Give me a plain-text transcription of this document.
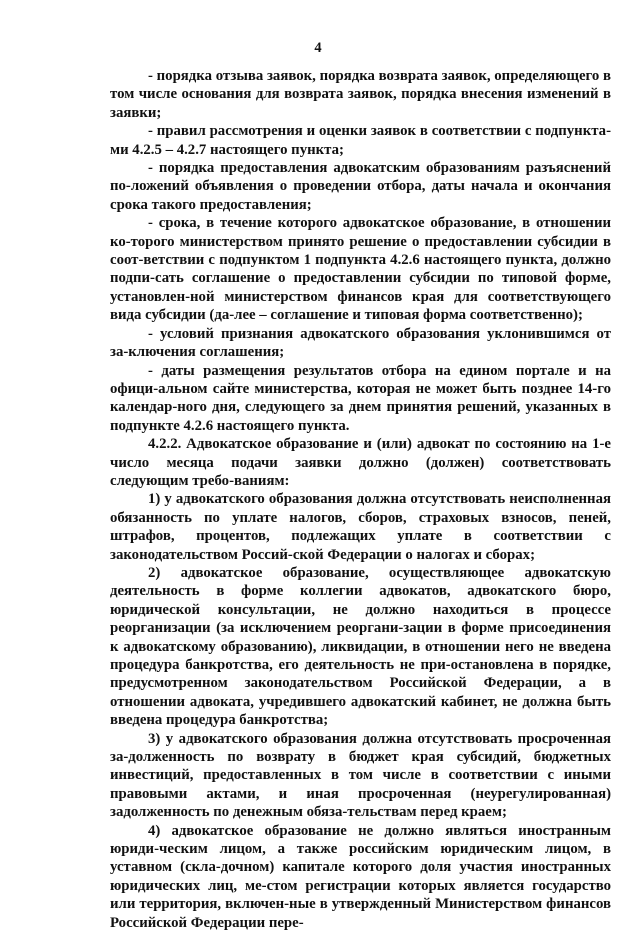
4

- порядка отзыва заявок, порядка возврата заявок, определяющего в том числе основания для возврата заявок, порядка внесения изменений в заявки;

- правил рассмотрения и оценки заявок в соответствии с подпункта-ми 4.2.5 – 4.2.7 настоящего пункта;

- порядка предоставления адвокатским образованиям разъяснений по-ложений объявления о проведении отбора, даты начала и окончания срока такого предоставления;

- срока, в течение которого адвокатское образование, в отношении ко-торого министерством принято решение о предоставлении субсидии в соот-ветствии с подпунктом 1 подпункта 4.2.6 настоящего пункта, должно подпи-сать соглашение о предоставлении субсидии по типовой форме, установлен-ной министерством финансов края для соответствующего вида субсидии (да-лее – соглашение и типовая форма соответственно);

- условий признания адвокатского образования уклонившимся от за-ключения соглашения;

- даты размещения результатов отбора на едином портале и на офици-альном сайте министерства, которая не может быть позднее 14-го календар-ного дня, следующего за днем принятия решений, указанных в подпункте 4.2.6 настоящего пункта.

4.2.2. Адвокатское образование и (или) адвокат по состоянию на 1-е число месяца подачи заявки должно (должен) соответствовать следующим требо-ваниям:

1) у адвокатского образования должна отсутствовать неисполненная обязанность по уплате налогов, сборов, страховых взносов, пеней, штрафов, процентов, подлежащих уплате в соответствии с законодательством Россий-ской Федерации о налогах и сборах;

2) адвокатское образование, осуществляющее адвокатскую деятельность в форме коллегии адвокатов, адвокатского бюро, юридической консультации, не должно находиться в процессе реорганизации (за исключением реоргани-зации в форме присоединения к адвокатскому образованию), ликвидации, в отношении него не введена процедура банкротства, его деятельность не при-остановлена в порядке, предусмотренном законодательством Российской Федерации, а в отношении адвоката, учредившего адвокатский кабинет, не должна быть введена процедура банкротства;

3) у адвокатского образования должна отсутствовать просроченная за-долженность по возврату в бюджет края субсидий, бюджетных инвестиций, предоставленных в том числе в соответствии с иными правовыми актами, и иная просроченная (неурегулированная) задолженность по денежным обяза-тельствам перед краем;

4) адвокатское образование не должно являться иностранным юриди-ческим лицом, а также российским юридическим лицом, в уставном (скла-дочном) капитале которого доля участия иностранных юридических лиц, ме-стом регистрации которых является государство или территория, включен-ные в утвержденный Министерством финансов Российской Федерации пере-
